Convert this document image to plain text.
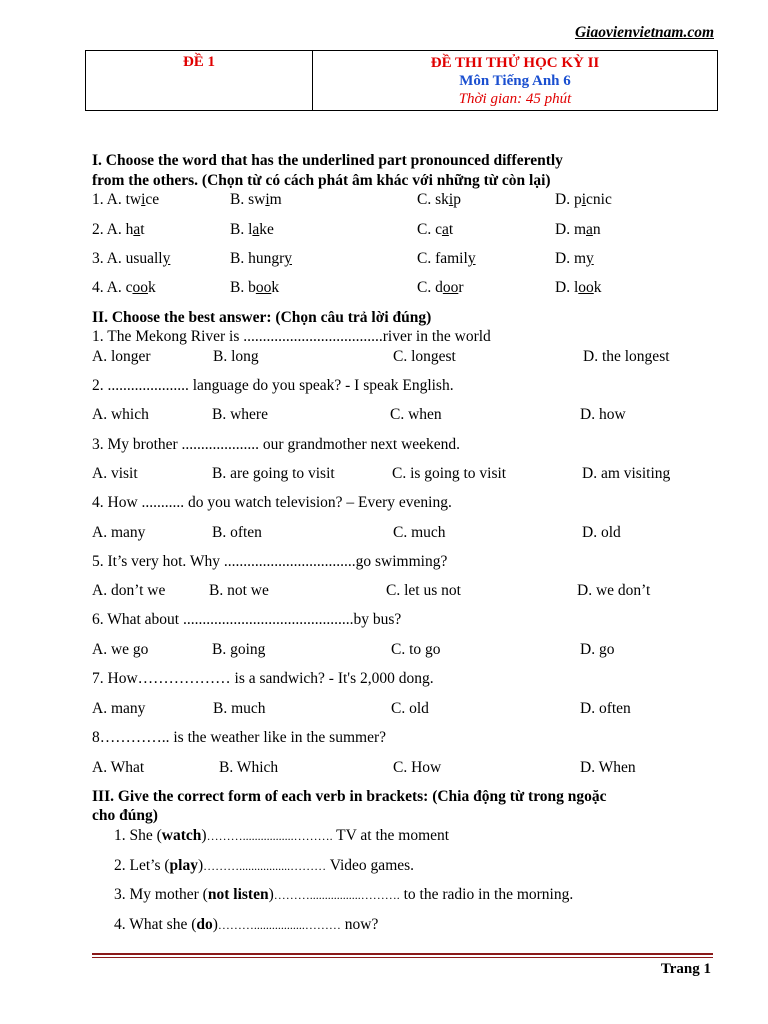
Giaovienvietnam.com
ĐỀ 1	ĐỀ THI THỬ HỌC KỲ II
Môn Tiếng Anh 6
Thời gian: 45 phút
I. Choose the word that has the underlined part pronounced differently
from the others. (Chọn từ có cách phát âm khác với những từ còn lại)
1. A. twice	B. swim	C. skip	D. picnic
2. A. hat	B. lake	C. cat	D. man
3. A. usually	B. hungry	C. family	D. my
4. A. cook	B. book	C. door	D. look
II. Choose the best answer: (Chọn câu trả lời đúng)
1. The Mekong River is ....................................river in the world
A. longer	B. long	C. longest	D. the longest
2. ..................... language do you speak? - I speak English.
A. which	B. where	C. when	D. how
3. My brother .................... our grandmother next weekend.
A. visit	B. are going to visit	C. is going to visit	D. am visiting
4. How ........... do you watch television? – Every evening.
A. many	B. often	C. much	D. old
5. It’s very hot. Why ..................................go swimming?
A. don’t we	B. not we	C. let us not	D. we don’t
6. What about ............................................by bus?
A. we go	B. going	C. to go	D. go
7. How……………… is a sandwich? - It's 2,000 dong.
A. many	B. much	C. old	D. often
8………….. is the weather like in the summer?
A. What	B. Which	C. How	D. When
III. Give the correct form of each verb in brackets: (Chia động từ trong ngoặc
cho đúng)
1. She (watch)……….................………. TV at the moment
2. Let’s (play)……….................……… Video games.
3. My mother (not listen)……….................………. to the radio in the morning.
4. What she (do)……….................……… now?
Trang 1
